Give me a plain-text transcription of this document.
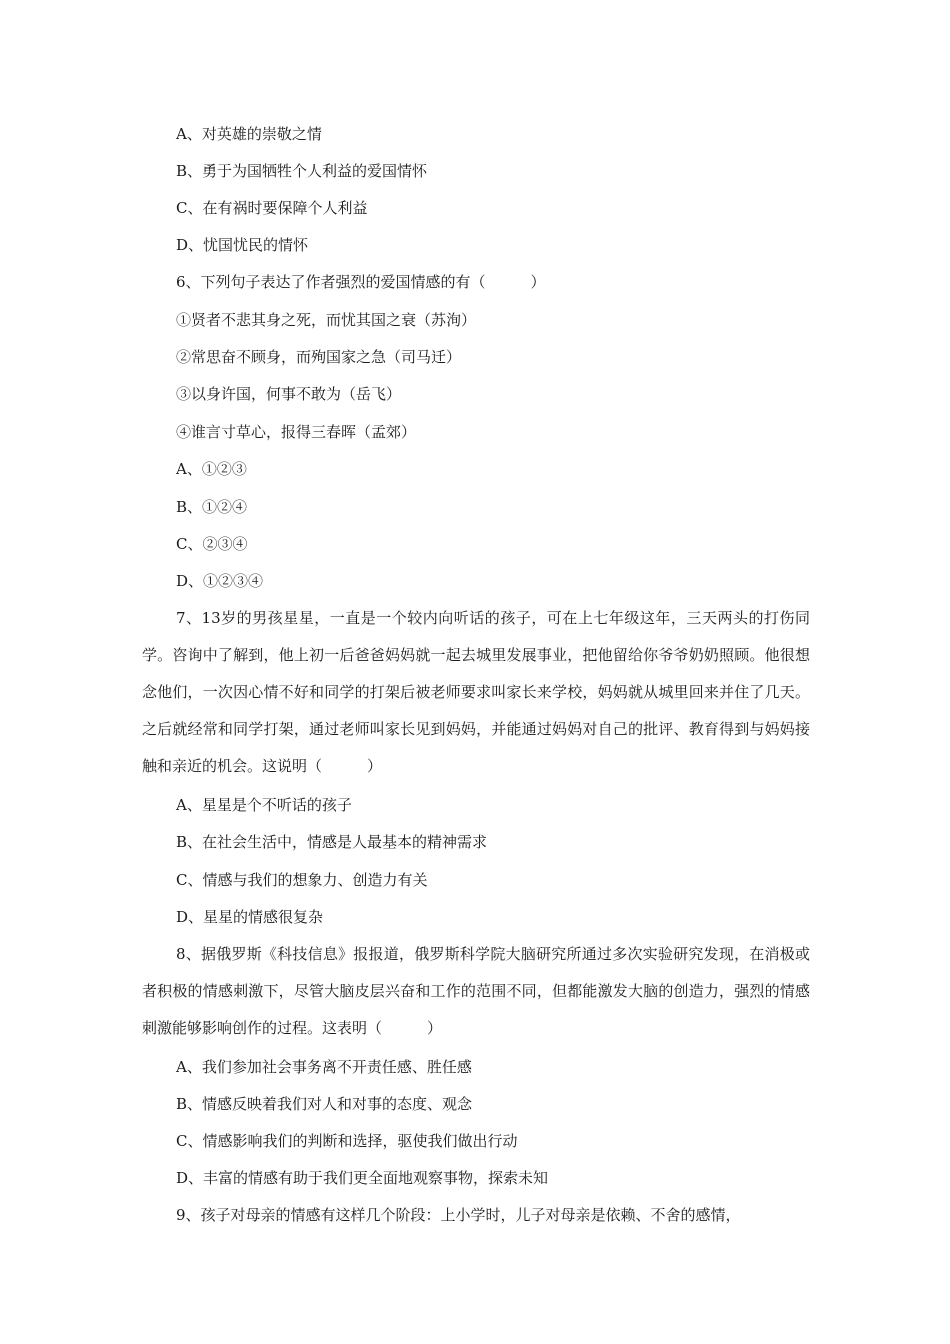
A、对英雄的崇敬之情
B、勇于为国牺牲个人利益的爱国情怀
C、在有祸时要保障个人利益
D、忧国忧民的情怀
6、下列句子表达了作者强烈的爱国情感的有（　　　）
①贤者不悲其身之死，而忧其国之衰（苏洵）
②常思奋不顾身，而殉国家之急（司马迁）
③以身许国，何事不敢为（岳飞）
④谁言寸草心，报得三春晖（孟郊）
A、①②③
B、①②④
C、②③④
D、①②③④
7、13岁的男孩星星，一直是一个较内向听话的孩子，可在上七年级这年，三天两头的打伤同学。咨询中了解到，他上初一后爸爸妈妈就一起去城里发展事业，把他留给你爷爷奶奶照顾。他很想念他们，一次因心情不好和同学的打架后被老师要求叫家长来学校，妈妈就从城里回来并住了几天。之后就经常和同学打架，通过老师叫家长见到妈妈，并能通过妈妈对自己的批评、教育得到与妈妈接触和亲近的机会。这说明（　　　）
A、星星是个不听话的孩子
B、在社会生活中，情感是人最基本的精神需求
C、情感与我们的想象力、创造力有关
D、星星的情感很复杂
8、据俄罗斯《科技信息》报报道，俄罗斯科学院大脑研究所通过多次实验研究发现，在消极或者积极的情感刺激下，尽管大脑皮层兴奋和工作的范围不同，但都能激发大脑的创造力，强烈的情感刺激能够影响创作的过程。这表明（　　　）
A、我们参加社会事务离不开责任感、胜任感
B、情感反映着我们对人和对事的态度、观念
C、情感影响我们的判断和选择，驱使我们做出行动
D、丰富的情感有助于我们更全面地观察事物，探索未知
9、孩子对母亲的情感有这样几个阶段：上小学时，儿子对母亲是依赖、不舍的感情，
